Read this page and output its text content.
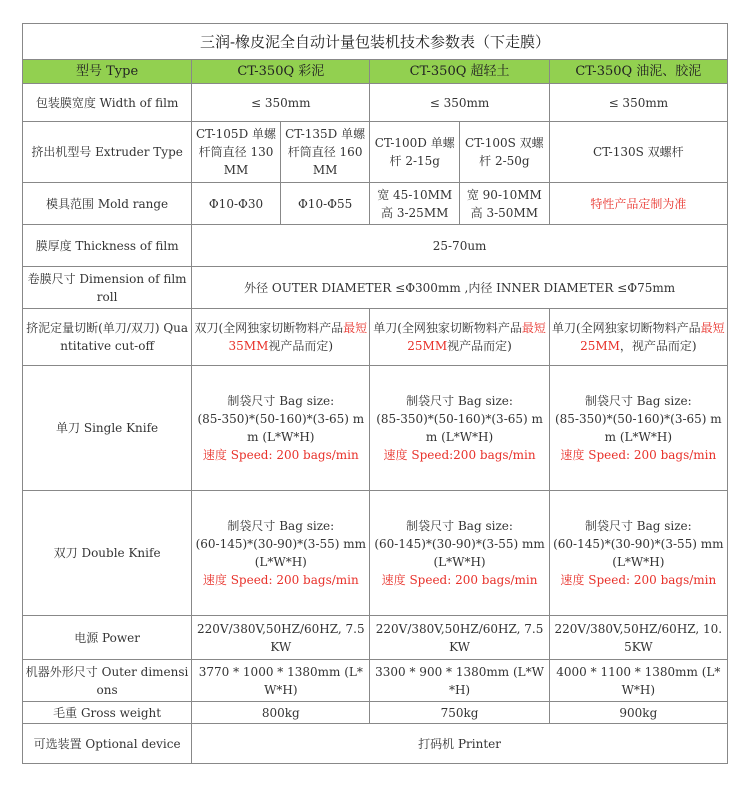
三润-橡皮泥全自动计量包装机技术参数表（下走膜）					
型号 Type	CT-350Q 彩泥		CT-350Q 超轻土		CT-350Q 油泥、胶泥
包装膜宽度 Width of film	≤ 350mm		≤ 350mm		≤ 350mm
挤出机型号 Extruder Type	CT-105D 单螺杆筒直径 130MM	CT-135D 单螺杆筒直径 160MM	CT-100D 单螺杆 2-15g	CT-100S 双螺杆 2-50g	CT-130S 双螺杆
模具范围 Mold range	Φ10-Φ30	Φ10-Φ55	宽 45-10MM 高 3-25MM	宽 90-10MM 高 3-50MM	特性产品定制为准
膜厚度 Thickness of film	25-70um				
卷膜尺寸 Dimension of film roll	外径 OUTER DIAMETER ≤Φ300mm ,内径 INNER DIAMETER ≤Φ75mm				
挤泥定量切断(单刀/双刀) Quantitative cut-off	双刀(全网独家切断物料产品最短 35MM视产品而定)		单刀(全网独家切断物料产品最短 25MM视产品而定)		单刀(全网独家切断物料产品最短 25MM，视产品而定)
单刀 Single Knife	制袋尺寸 Bag size:
(85-350)*(50-160)*(3-65) mm (L*W*H)
速度 Speed: 200 bags/min		制袋尺寸 Bag size:
(85-350)*(50-160)*(3-65) mm (L*W*H)
速度 Speed:200 bags/min		制袋尺寸 Bag size:
(85-350)*(50-160)*(3-65) mm (L*W*H)
速度 Speed: 200 bags/min

双刀 Double Knife	制袋尺寸 Bag size:
(60-145)*(30-90)*(3-55) mm (L*W*H)
速度 Speed: 200 bags/min		制袋尺寸 Bag size:
(60-145)*(30-90)*(3-55) mm (L*W*H)
速度 Speed: 200 bags/min		制袋尺寸 Bag size:
(60-145)*(30-90)*(3-55) mm (L*W*H)
速度 Speed: 200 bags/min

电源 Power	220V/380V,50HZ/60HZ, 7.5KW		220V/380V,50HZ/60HZ, 7.5KW		220V/380V,50HZ/60HZ, 10.5KW
机器外形尺寸 Outer dimensions	3770 * 1000 * 1380mm (L*W*H)		3300 * 900 * 1380mm (L*W*H)		4000 * 1100 * 1380mm (L*W*H)
毛重 Gross weight	800kg		750kg		900kg
可选装置 Optional device	打码机 Printer				
